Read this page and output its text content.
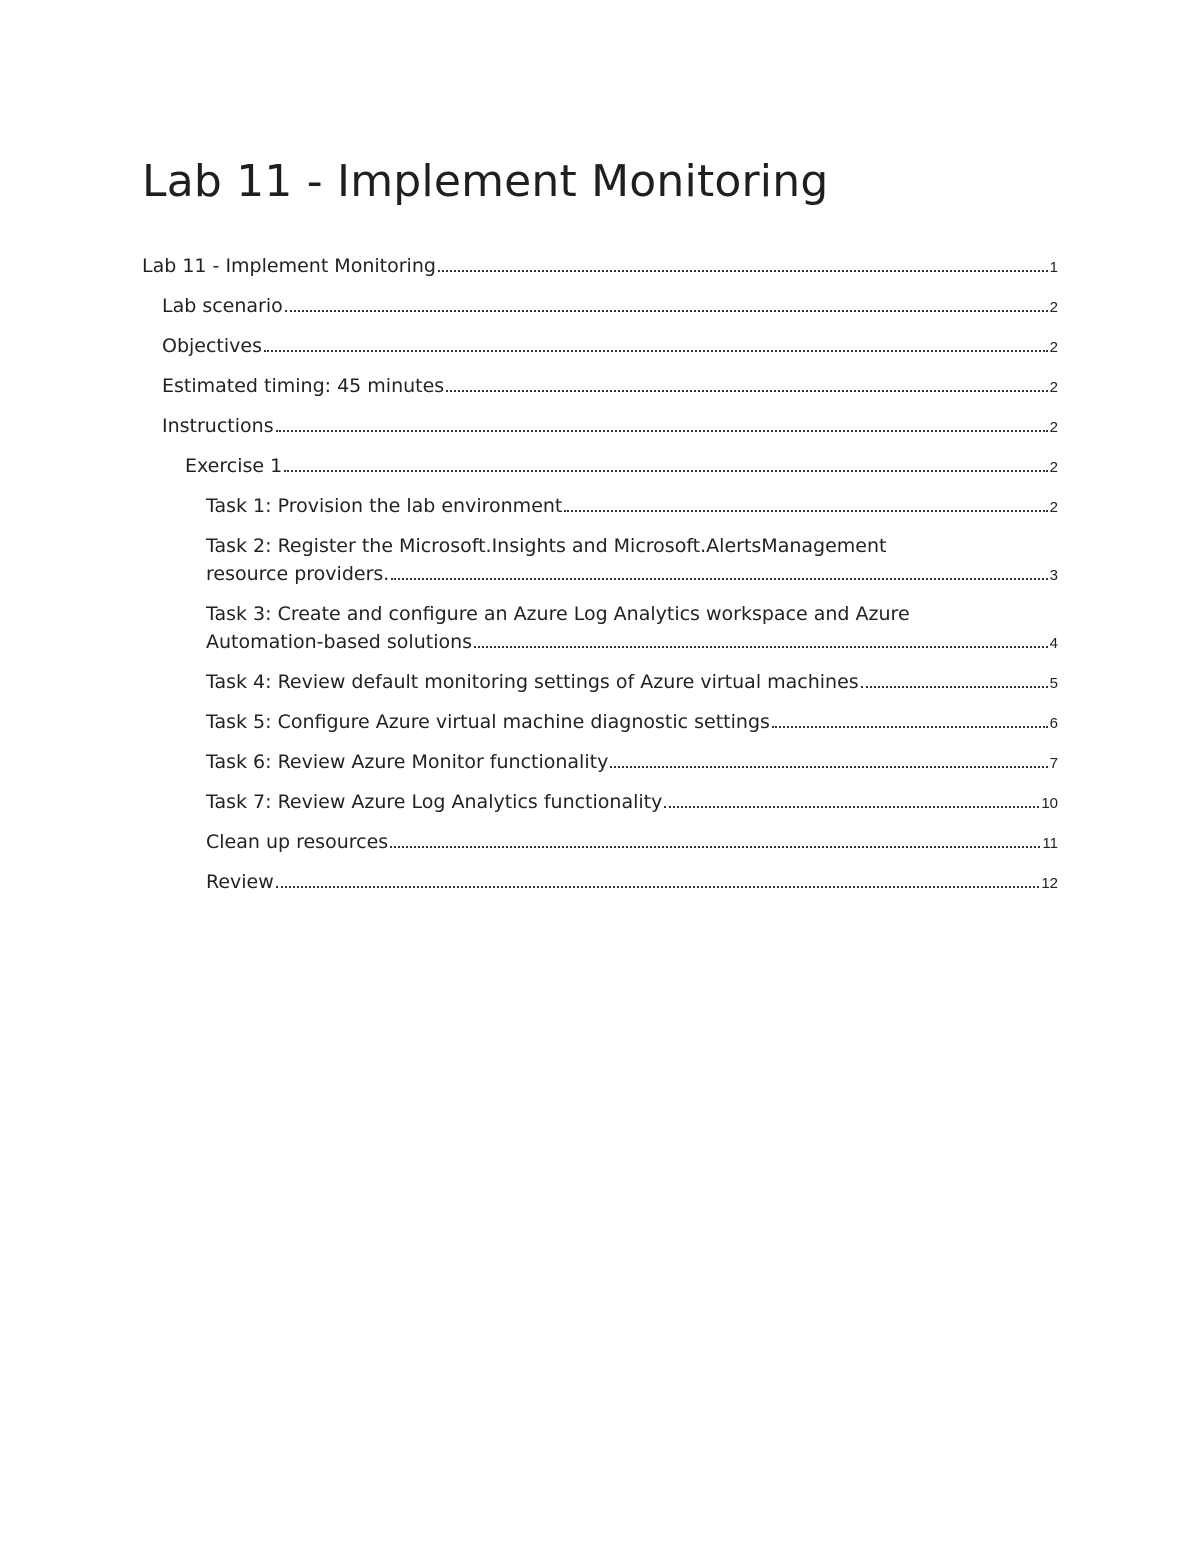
Lab 11 - Implement Monitoring
Lab 11 - Implement Monitoring	1
Lab scenario	2
Objectives	2
Estimated timing: 45 minutes	2
Instructions	2
Exercise 1	2
Task 1: Provision the lab environment	2
Task 2: Register the Microsoft.Insights and Microsoft.AlertsManagement
resource providers.	3
Task 3: Create and configure an Azure Log Analytics workspace and Azure
Automation-based solutions	4
Task 4: Review default monitoring settings of Azure virtual machines	5
Task 5: Configure Azure virtual machine diagnostic settings	6
Task 6: Review Azure Monitor functionality	7
Task 7: Review Azure Log Analytics functionality	10
Clean up resources	11
Review	12
